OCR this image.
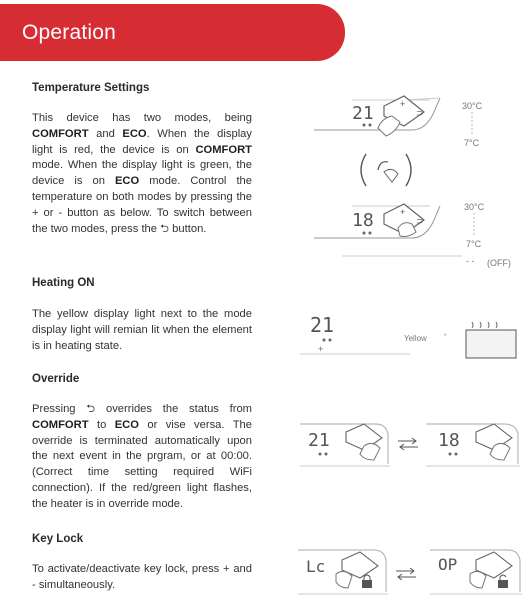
Operation
Temperature Settings
This device has two modes, being COMFORT and ECO. When the display light is red, the device is on COMFORT mode. When the display light is green, the device is on ECO mode. Control the temperature on both modes by pressing the + or - button as below. To switch between the two modes, press the ⮌ button.
21	+
⊃
30°C
7°C
18	+
⊃
30°C
7°C
- - (OFF)
Heating ON
The yellow display light next to the mode display light will remian lit when the element is in heating state.
21
+
Yellow •
Override
Pressing ⮌ overrides the status from COMFORT to ECO or vise versa. The override is terminated automatically upon the next event in the prgram, or at 00:00. (Correct time setting required WiFi connection). If the red/green light flashes, the heater is in override mode.
21	18
Key Lock
To activate/deactivate key lock, press + and - simultaneously.
Lc	OP
